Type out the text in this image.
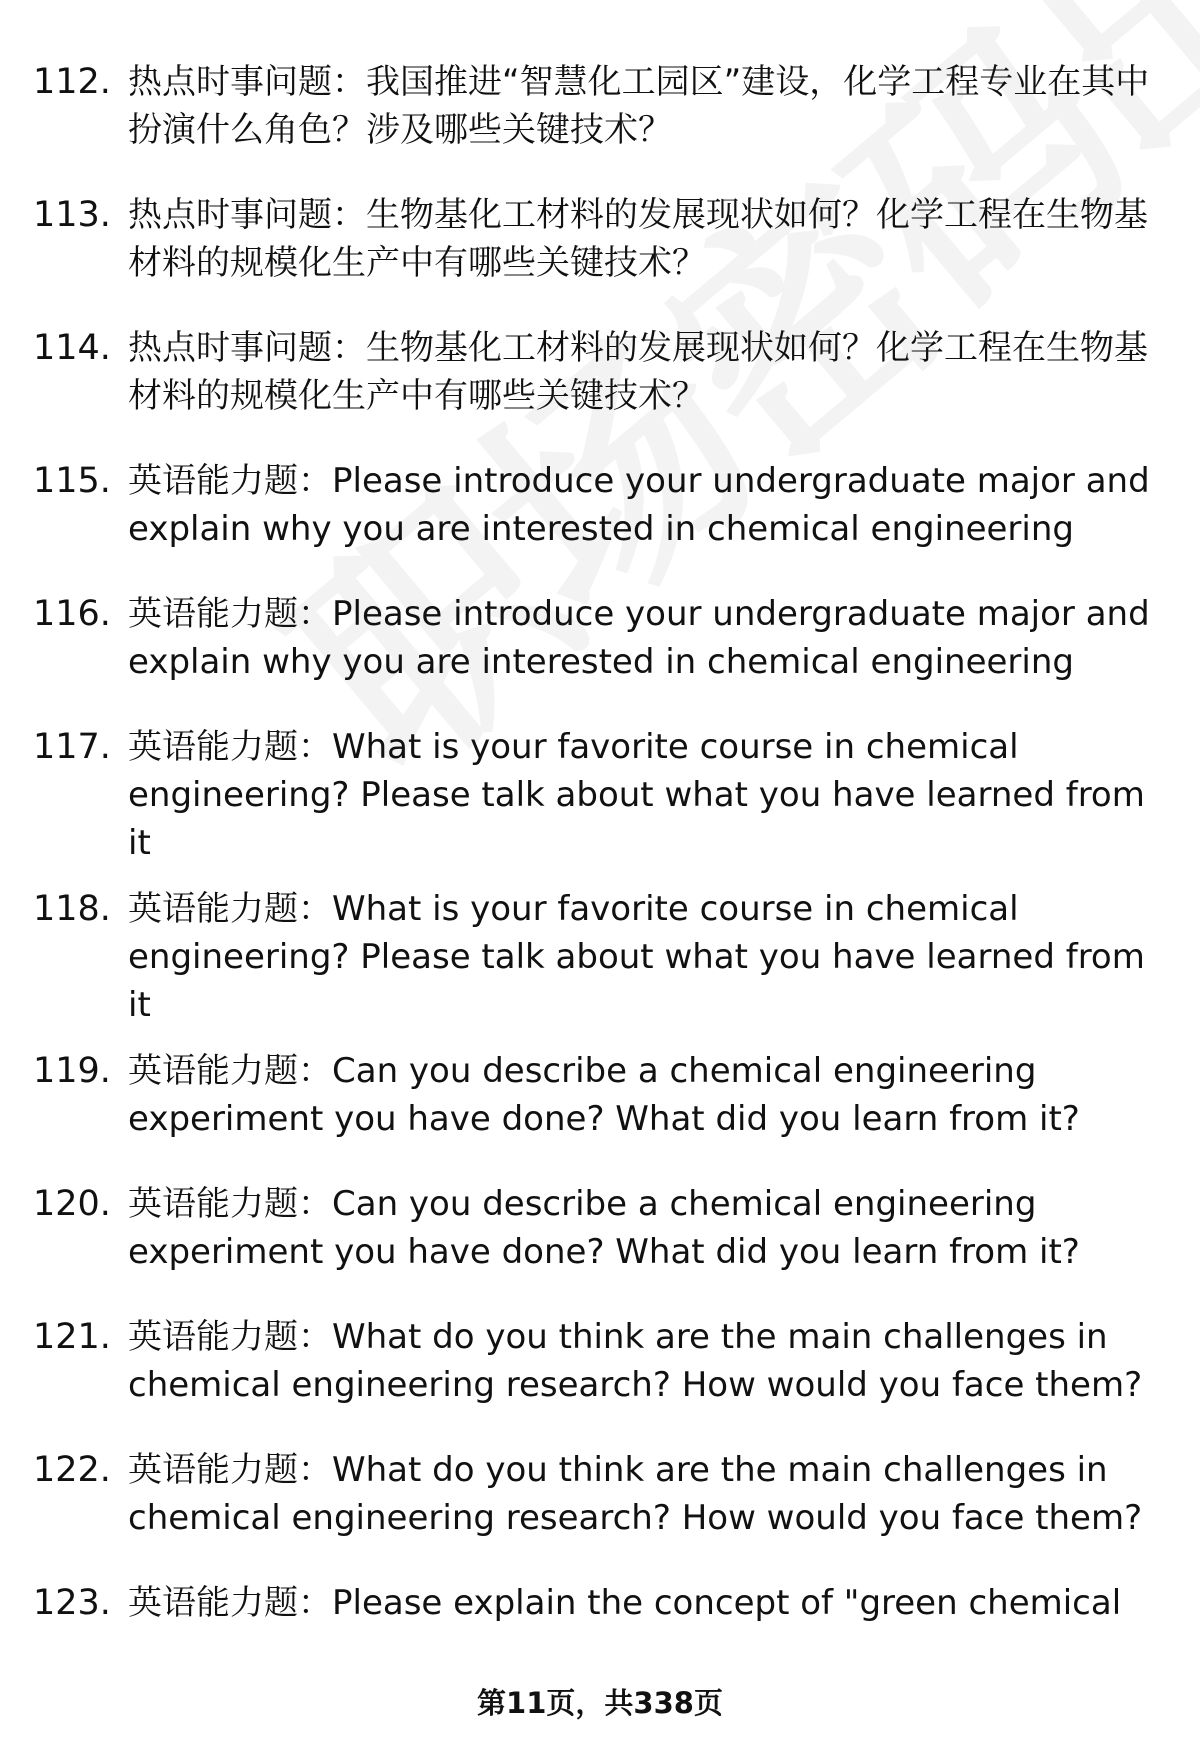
112. 热点时事问题：我国推进“智慧化工园区”建设，化学工程专业在其中扮演什么角色？涉及哪些关键技术？
113. 热点时事问题：生物基化工材料的发展现状如何？化学工程在生物基材料的规模化生产中有哪些关键技术？
114. 热点时事问题：生物基化工材料的发展现状如何？化学工程在生物基材料的规模化生产中有哪些关键技术？
115. 英语能力题：Please introduce your undergraduate major and explain why you are interested in chemical engineering
116. 英语能力题：Please introduce your undergraduate major and explain why you are interested in chemical engineering
117. 英语能力题：What is your favorite course in chemical engineering? Please talk about what you have learned from it
118. 英语能力题：What is your favorite course in chemical engineering? Please talk about what you have learned from it
119. 英语能力题：Can you describe a chemical engineering experiment you have done? What did you learn from it?
120. 英语能力题：Can you describe a chemical engineering experiment you have done? What did you learn from it?
121. 英语能力题：What do you think are the main challenges in chemical engineering research? How would you face them?
122. 英语能力题：What do you think are the main challenges in chemical engineering research? How would you face them?
123. 英语能力题：Please explain the concept of "green chemical
第11页，共338页
